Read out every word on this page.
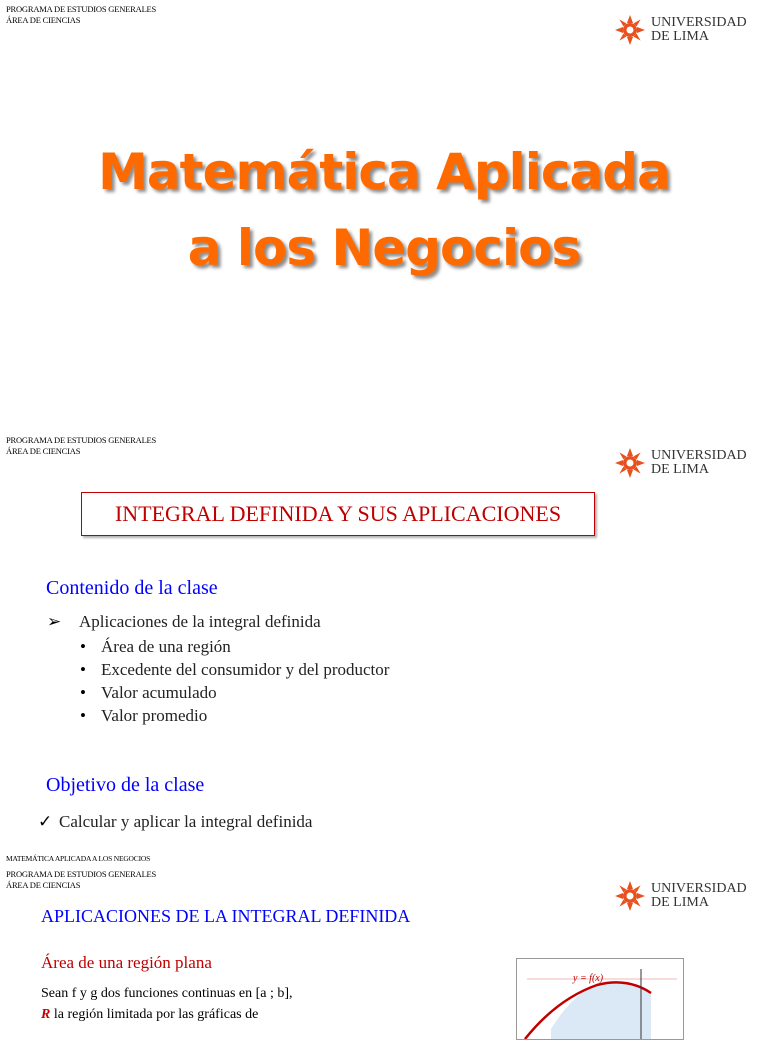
PROGRAMA DE ESTUDIOS GENERALES
ÁREA DE CIENCIAS	UNIVERSIDAD
DE LIMA
Matemática Aplicada
a los Negocios
PROGRAMA DE ESTUDIOS GENERALES
ÁREA DE CIENCIAS	UNIVERSIDAD
DE LIMA
INTEGRAL DEFINIDA Y SUS APLICACIONES
Contenido de la clase
➢ Aplicaciones de la integral definida
• Área de una región
• Excedente del consumidor y del productor
• Valor acumulado
• Valor promedio
Objetivo de la clase
✓ Calcular y aplicar la integral definida
MATEMÁTICA APLICADA A LOS NEGOCIOS
PROGRAMA DE ESTUDIOS GENERALES
ÁREA DE CIENCIAS	UNIVERSIDAD
DE LIMA
APLICACIONES DE LA INTEGRAL DEFINIDA
Área de una región plana
Sean f y g dos funciones continuas en [a ; b],
R la región limitada por las gráficas de
y = f(x)
